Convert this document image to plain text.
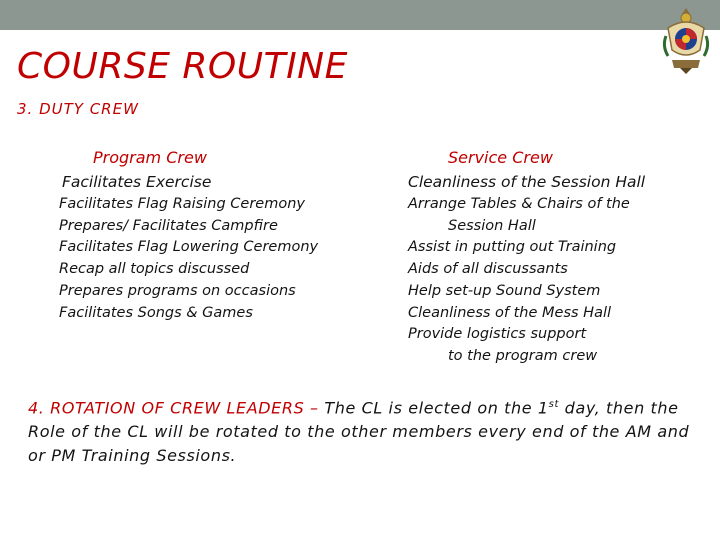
COURSE ROUTINE
3. DUTY CREW
Program Crew
Facilitates Exercise
Facilitates Flag Raising Ceremony
Prepares/ Facilitates Campfire
Facilitates Flag Lowering Ceremony
Recap all topics discussed
Prepares programs on occasions
Facilitates Songs & Games
Service Crew
Cleanliness of the Session Hall
Arrange Tables & Chairs of the
Session Hall
Assist in putting out Training
Aids of all discussants
Help set-up Sound System
Cleanliness of the Mess Hall
Provide logistics support
to the program crew
4. ROTATION OF CREW LEADERS – The CL is elected on the 1st day, then the Role of the CL will be rotated to the other members every end of the AM and or PM Training Sessions.
